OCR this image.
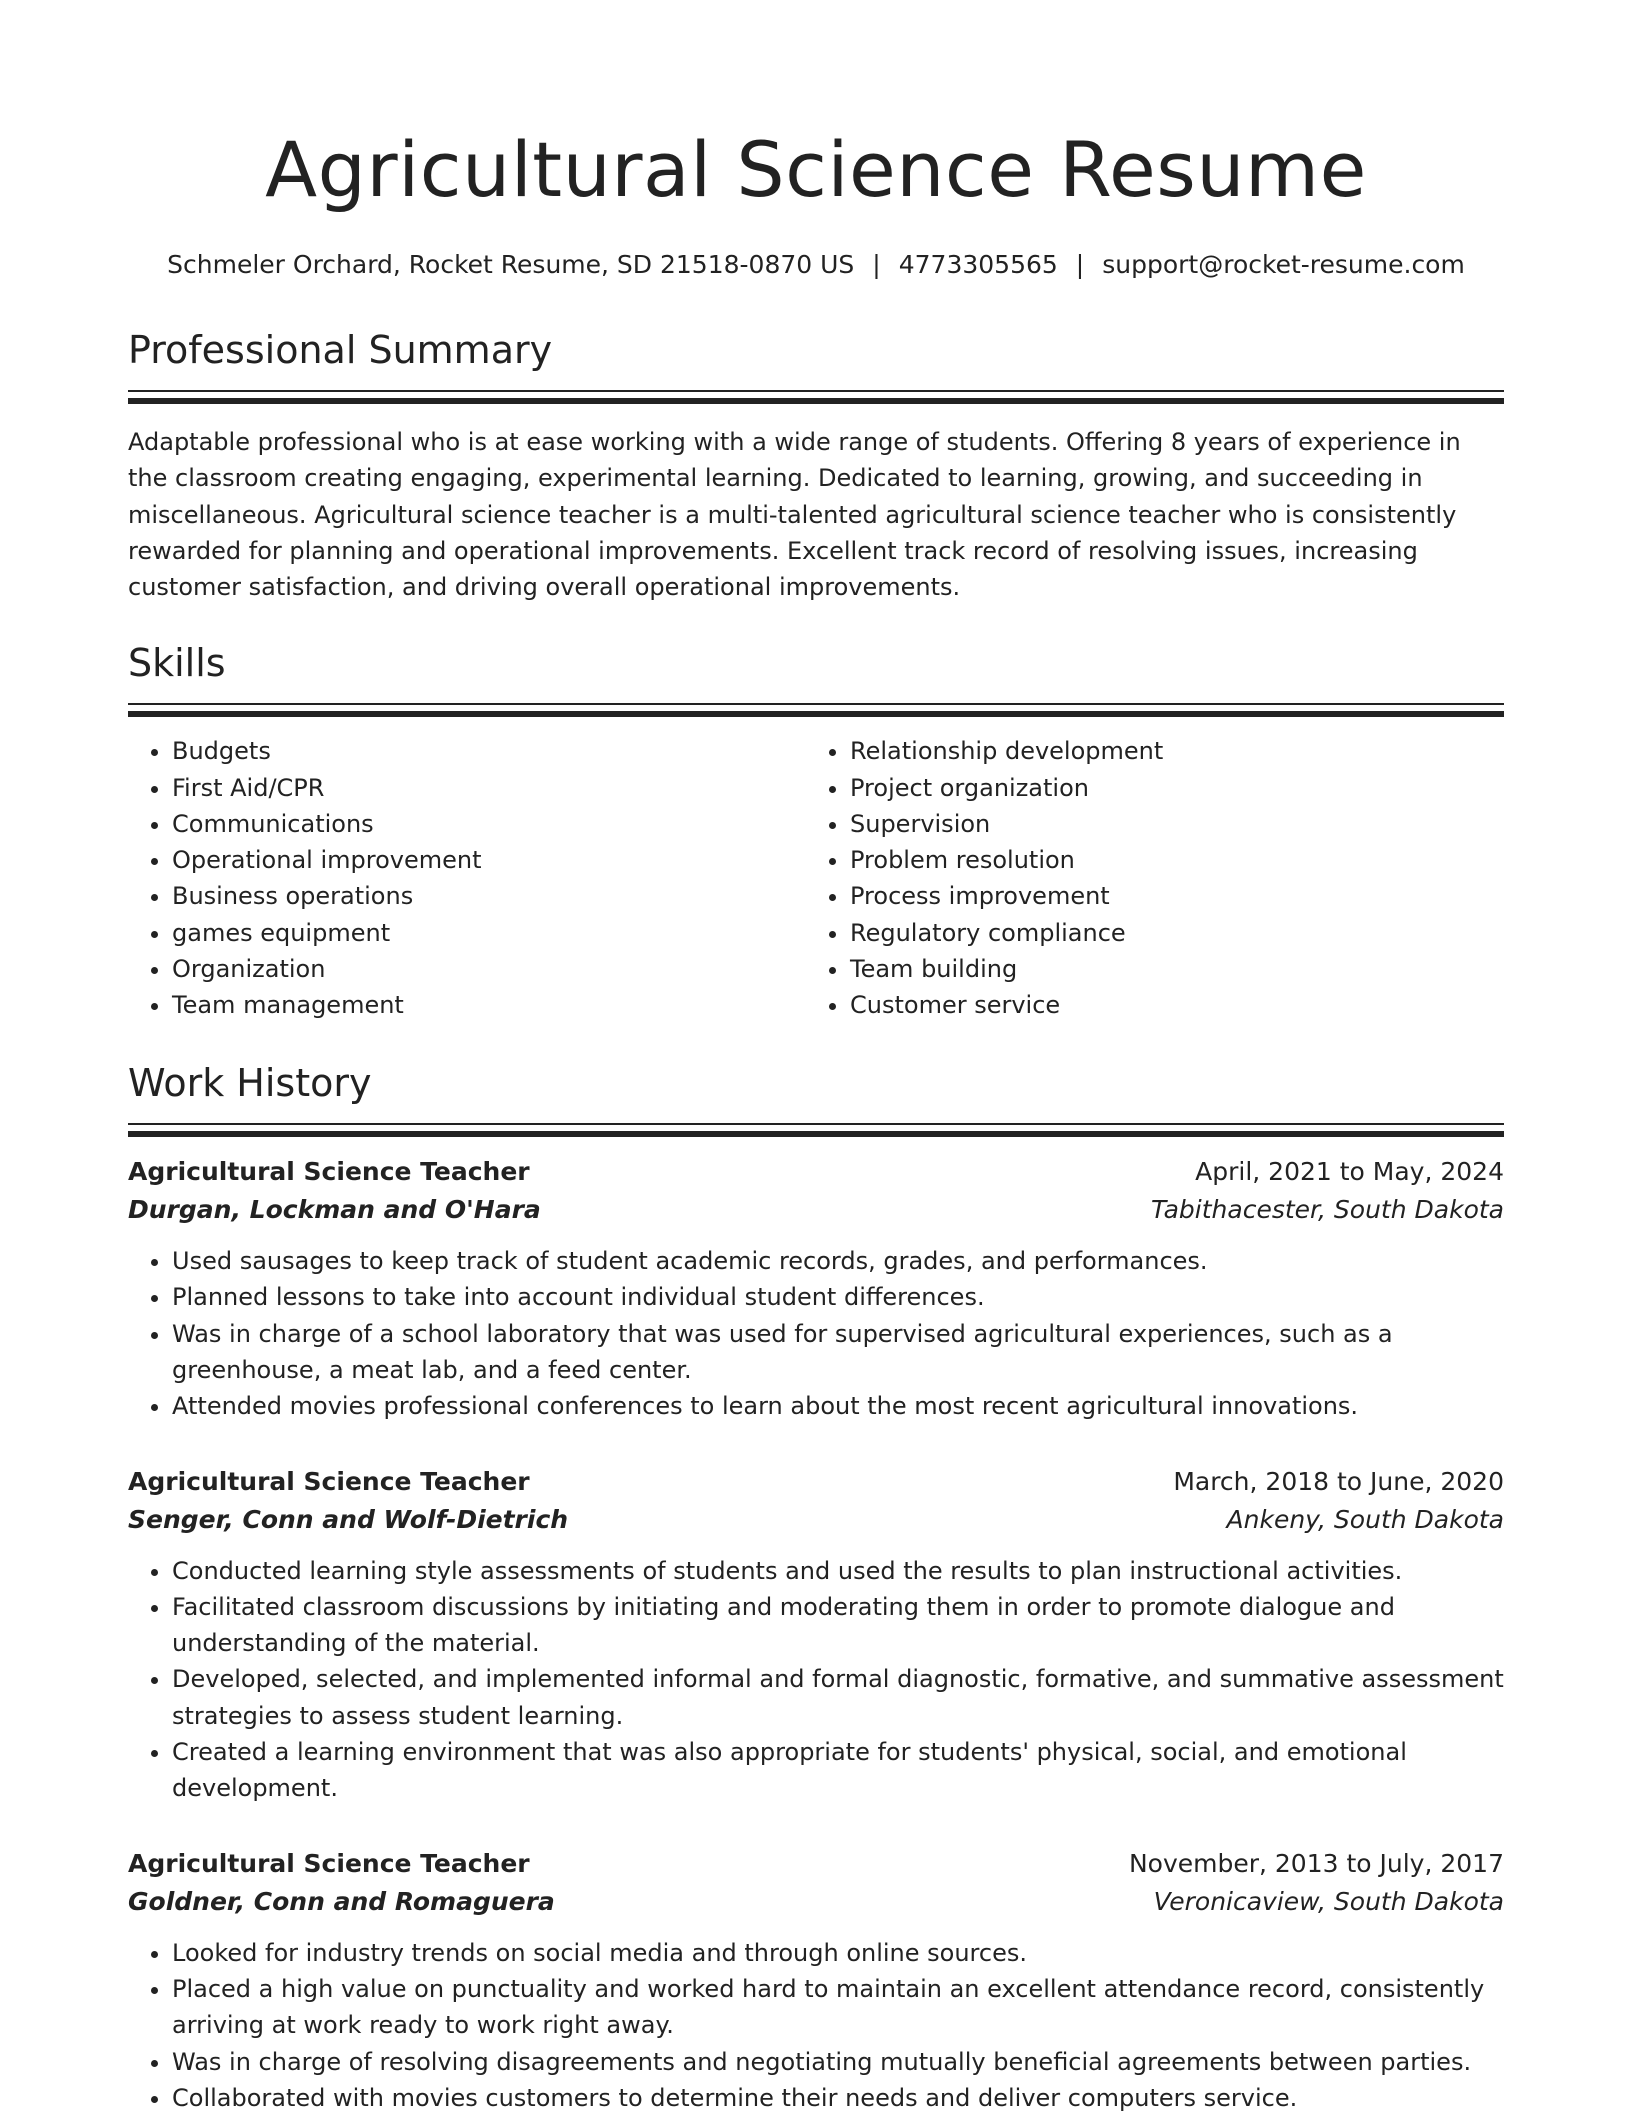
Agricultural Science Resume
Schmeler Orchard, Rocket Resume, SD 21518-0870 US | 4773305565 | support@rocket-resume.com
Professional Summary

Adaptable professional who is at ease working with a wide range of students. Offering 8 years of experience in the classroom creating engaging, experimental learning. Dedicated to learning, growing, and succeeding in miscellaneous. Agricultural science teacher is a multi-talented agricultural science teacher who is consistently rewarded for planning and operational improvements. Excellent track record of resolving issues, increasing customer satisfaction, and driving overall operational improvements.

Skills
• Budgets
• First Aid/CPR
• Communications
• Operational improvement
• Business operations
• games equipment
• Organization
• Team management
• Relationship development
• Project organization
• Supervision
• Problem resolution
• Process improvement
• Regulatory compliance
• Team building
• Customer service
Work History
Agricultural Science Teacher	April, 2021 to May, 2024
Durgan, Lockman and O'Hara	Tabithacester, South Dakota
• Used sausages to keep track of student academic records, grades, and performances.
• Planned lessons to take into account individual student differences.
• Was in charge of a school laboratory that was used for supervised agricultural experiences, such as a greenhouse, a meat lab, and a feed center.
• Attended movies professional conferences to learn about the most recent agricultural innovations.
Agricultural Science Teacher	March, 2018 to June, 2020
Senger, Conn and Wolf-Dietrich	Ankeny, South Dakota
• Conducted learning style assessments of students and used the results to plan instructional activities.
• Facilitated classroom discussions by initiating and moderating them in order to promote dialogue and understanding of the material.
• Developed, selected, and implemented informal and formal diagnostic, formative, and summative assessment strategies to assess student learning.
• Created a learning environment that was also appropriate for students' physical, social, and emotional development.
Agricultural Science Teacher	November, 2013 to July, 2017
Goldner, Conn and Romaguera	Veronicaview, South Dakota
• Looked for industry trends on social media and through online sources.
• Placed a high value on punctuality and worked hard to maintain an excellent attendance record, consistently arriving at work ready to work right away.
• Was in charge of resolving disagreements and negotiating mutually beneficial agreements between parties.
• Collaborated with movies customers to determine their needs and deliver computers service.
